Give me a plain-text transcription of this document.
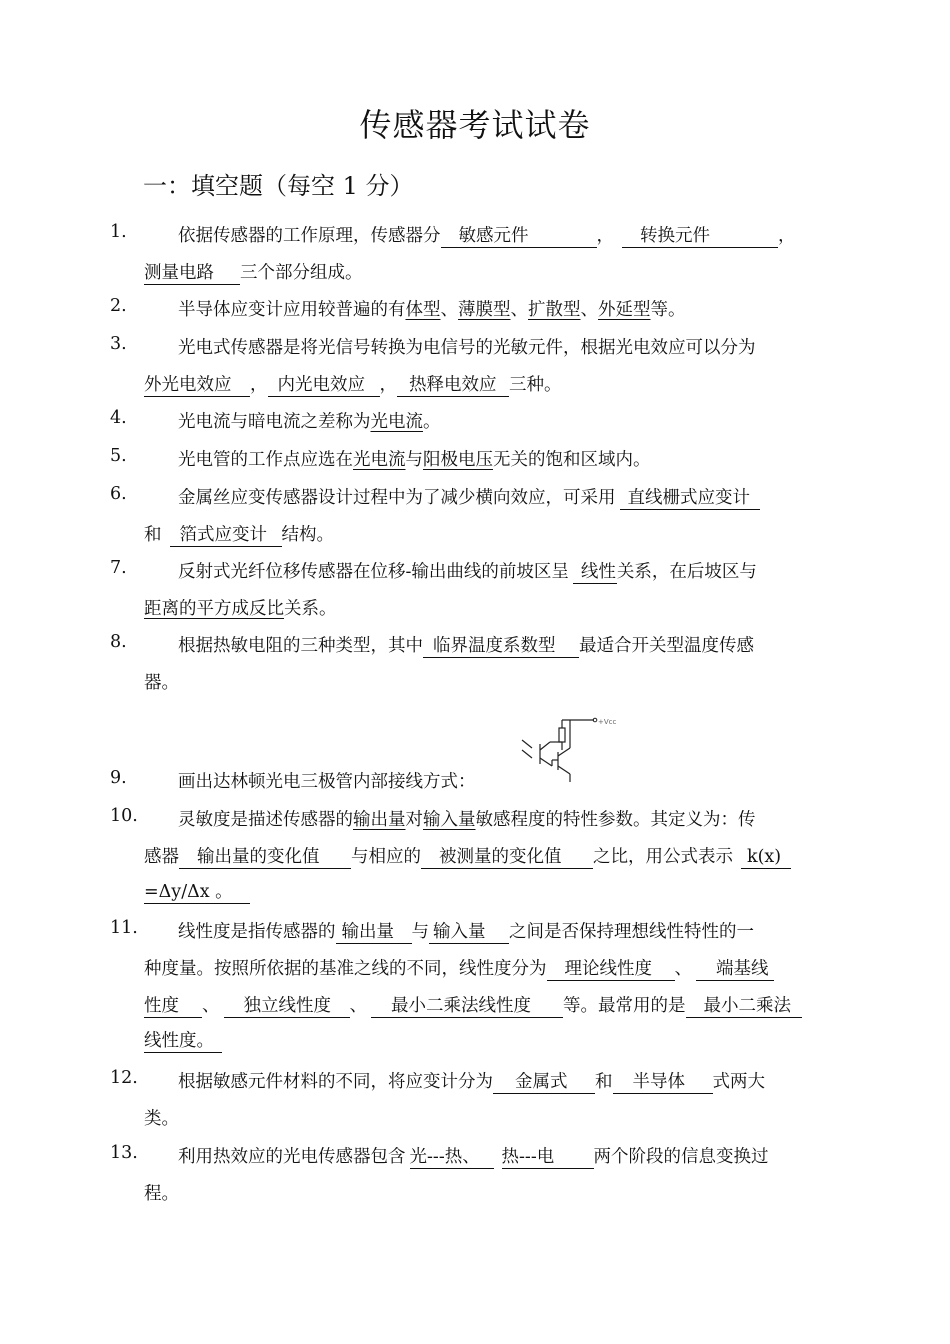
传感器考试试卷
一：填空题（每空 1 分）
1.	依据传感器的工作原理，传感器分 敏感元件	， 转换元件	，
测量电路 三个部分组成。
2.	半导体应变计应用较普遍的有体型、薄膜型、扩散型、外延型等。
3.	光电式传感器是将光信号转换为电信号的光敏元件，根据光电效应可以分为
外光电效应 ， 内光电效应 ， 热释电效应 三种。
4.	光电流与暗电流之差称为光电流。
5.	光电管的工作点应选在光电流与阳极电压无关的饱和区域内。
6.	金属丝应变传感器设计过程中为了减少横向效应，可采用 直线栅式应变计
和 箔式应变计 结构。
7.	反射式光纤位移传感器在位移-输出曲线的前坡区呈 线性关系，在后坡区与
距离的平方成反比关系。
8.	根据热敏电阻的三种类型，其中 临界温度系数型 最适合开关型温度传感
器。
+Vcc
9.	画出达林顿光电三极管内部接线方式：
10.	灵敏度是描述传感器的输出量对输入量敏感程度的特性参数。其定义为：传
感器 输出量的变化值 与相应的 被测量的变化值 之比，用公式表示 k(x)
=Δy/Δx 。
11.	线性度是指传感器的 输出量 与 输入量 之间是否保持理想线性特性的一
种度量。按照所依据的基准之线的不同，线性度分为 理论线性度 、 端基线
性度 、 独立线性度 、 最小二乘法线性度 等。最常用的是 最小二乘法
线性度。
12.	根据敏感元件材料的不同，将应变计分为 金属式 和 半导体 式两大
类。
13.	利用热效应的光电传感器包含 光---热、 热---电 两个阶段的信息变换过
程。
